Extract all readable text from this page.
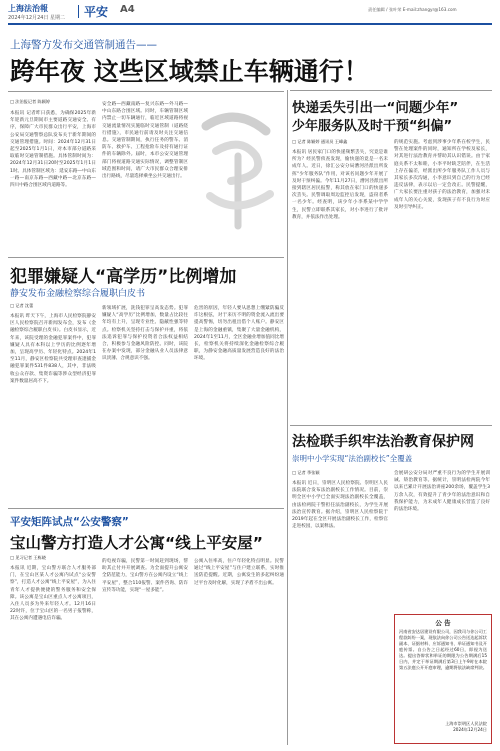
上海法治報
2024年12月24日 星期二 平安 A4	责任编辑 / 张叶荣 E-mail:zhangyr@163.com
上海警方发布交通管制通告——
跨年夜 这些区域禁止车辆通行！
□ 法治报记者 陈颖婷
本报讯 记者昨日获悉，为确保2025年新年迎新元旦期间市主要道路交通安全、有序，保障广大市民群众出行平安，上海市公安局交通警察总队发布关于新年期间的交通管理措施。时间：2024年12月31日起至2025年1月1日，对本市部分道路采取临时交通管制措施。具体管制时间为：2024年12月31日20时至2025年1月1日1时。具体管制区域为：延安东路—中山东一路—南京东路—西藏中路—北京东路—四川中路合围区域内道路等。
安全路—西藏南路—复兴东路—外马路—中山东路合围区域。同时，车辆管制区域内禁止一切车辆通行，临近区域道路将视交通流量情况实施临时交通管制（道路绕行措施），市民通行前请及时关注交通信息。交通管制期间，执行任务的警车、消防车、救护车、工程抢险车及持有通行证件的车辆除外。届时，本市公安交通管理部门将视道路交通实际情况，调整管制区域范围和时间，请广大市民群众合理安排出行路线，尽量选择乘坐公共交通出行。
快递丢失引出一“问题少年”
少年服务队及时干预“纠偏”
□ 记者 陈颖婷 通讯员 王峰鑫
本报讯 居民家门口的快递频繁丢失，究竟是谁所为？经民警侦查发现，偷快递的竟是一名未成年人。近日，徐汇公安分局漕河泾派出所发挥“少年服务队”作用，对该名问题少年开展了及时干预纠偏。今年11月27日，漕河泾派出所接到辖区居民报警，称其放在家门口的快递多次丢失。民警调取周边监控后发现，盗窃者系一名少年。经查明，该少年小李系某中学学生，民警立即联系其家长，对小李进行了批评教育，并依法作出处理。
的规范实施。考虑到涉事少年系在校学生，民警在处理案件的同时，通知所在学校及家长，对其进行法治教育并帮助其认识错误。由于家庭关系不太和睦，小李平时缺乏陪伴，在生活上存在偏差，经派出所少年服务队工作人员与其家长多次沟通，小李意识到自己的行为已经违反法律，表示以后一定会改正。民警提醒，广大家长要注重对孩子的法治教育，加强对未成年人的关心关爱，发现孩子有不良行为时应及时引导纠正。
犯罪嫌疑人“高学历”比例增加
静安发布金融检察综合履职白皮书
□ 记者 沈蕾
本报讯 昨天下午，上海市人民检察院静安区人民检察院召开新闻发布会，发布《金融检察综合履职白皮书》。白皮书显示，近年来，该院受理的金融犯罪案件中，犯罪嫌疑人具有本科以上学历的比例逐年增加，呈现高学历、年轻化特点。2024年1至11月，静安区检察院共受理审查逮捕金融犯罪案件531件838人，其中，非法吸收公众存款、集资诈骗等涉众型经济犯罪案件数量居高不下。
新领域扩展，洗钱犯罪呈高发态势。犯罪嫌疑人“高学历”比例增加，数量占比较往年均有上升，呈现专业性、隐蔽性强等特点。检察机关坚持打击与保护并重，将依法追诉犯罪与保护投资者合法权益相结合，积极参与金融风险防控。同时，该院在办案中发现，部分金融从业人员法律意识淡薄、合规意识不强。
危害的原因，年轻人要从思想上绷紧防骗反诈这根弦，对于来历不明的资金流入流出要提高警惕，切勿出租出借个人账户。静安区是上海的金融重镇，集聚了大量金融机构，2024年1至11月，全区金融业增加值同比增长，检察机关将持续深化金融检察综合履职，为静安金融高质量发展营造良好的法治环境。
法检联手织牢法治教育保护网
崇明中小学实现“法治副校长”全覆盖
□ 记者 季张颖
本报讯 近日，崇明区人民检察院、崇明区人民法院联合发布法治副校长工作情况。目前，崇明全区中小学已全面实现法治副校长全覆盖，由法检两院干警担任法治副校长，为学生开展法治宣传教育。据介绍，崇明区人民检察院于2019年起在全区开展法治副校长工作，检察官走进校园，以案释法。
会展研公安分局对严重不良行为的学生开展训诫、矫治教育等。据统计，崇明法检两院今年以来已累计开展法治讲座200余场，覆盖学生3万余人次，有效提升了青少年的法治意识和自我保护能力，为未成年人健康成长营造了良好的法治环境。
公 告
河南省安达居建设有限公司，因我司与你公司工程款纠纷一案，现依法向你公司公告送达起诉状副本、证据材料、应诉通知书、举证通知书及开庭传票。自公告之日起经过60日，即视为送达。提出答辩状和举证的期限为公告期满后15日内，并定于举证期满后第3日上午9时在本院第五法庭公开开庭审理，逾期将依法缺席判决。
上海市崇明区人民法院
2024年12月24日
平安矩阵试点“公安警察”
宝山警方打造人才公寓“线上平安屋”
□ 见习记者 王栋晓
本报讯 近期，宝山警方联合人才服务部门，在宝山区某人才公寓内试点“公安警察”，打造人才公寓“线上平安屋”，为入住青年人才提供便捷的警务服务和安全保障。该公寓是宝山区重点人才公寓项目，入住人员多为外来年轻人才。12月16日22时许，位于宝山区的一名男子报警称，其在公寓内遭遇电信诈骗。
的电视诈骗，民警第一时间赶到现场，帮助其止付并开展调查。为全面提升公寓安全防范能力，宝山警方在公寓内设立“线上平安屋”，整合110报警、案件咨询、防诈宣传等功能，实现“一屋多能”。
公寓入住率高，住户年轻化特点明显。民警通过“线上平安屋”与住户建立联系，实时推送防范提醒。近期，公寓发生的多起纠纷通过平台及时化解，实现了矛盾不出公寓。
